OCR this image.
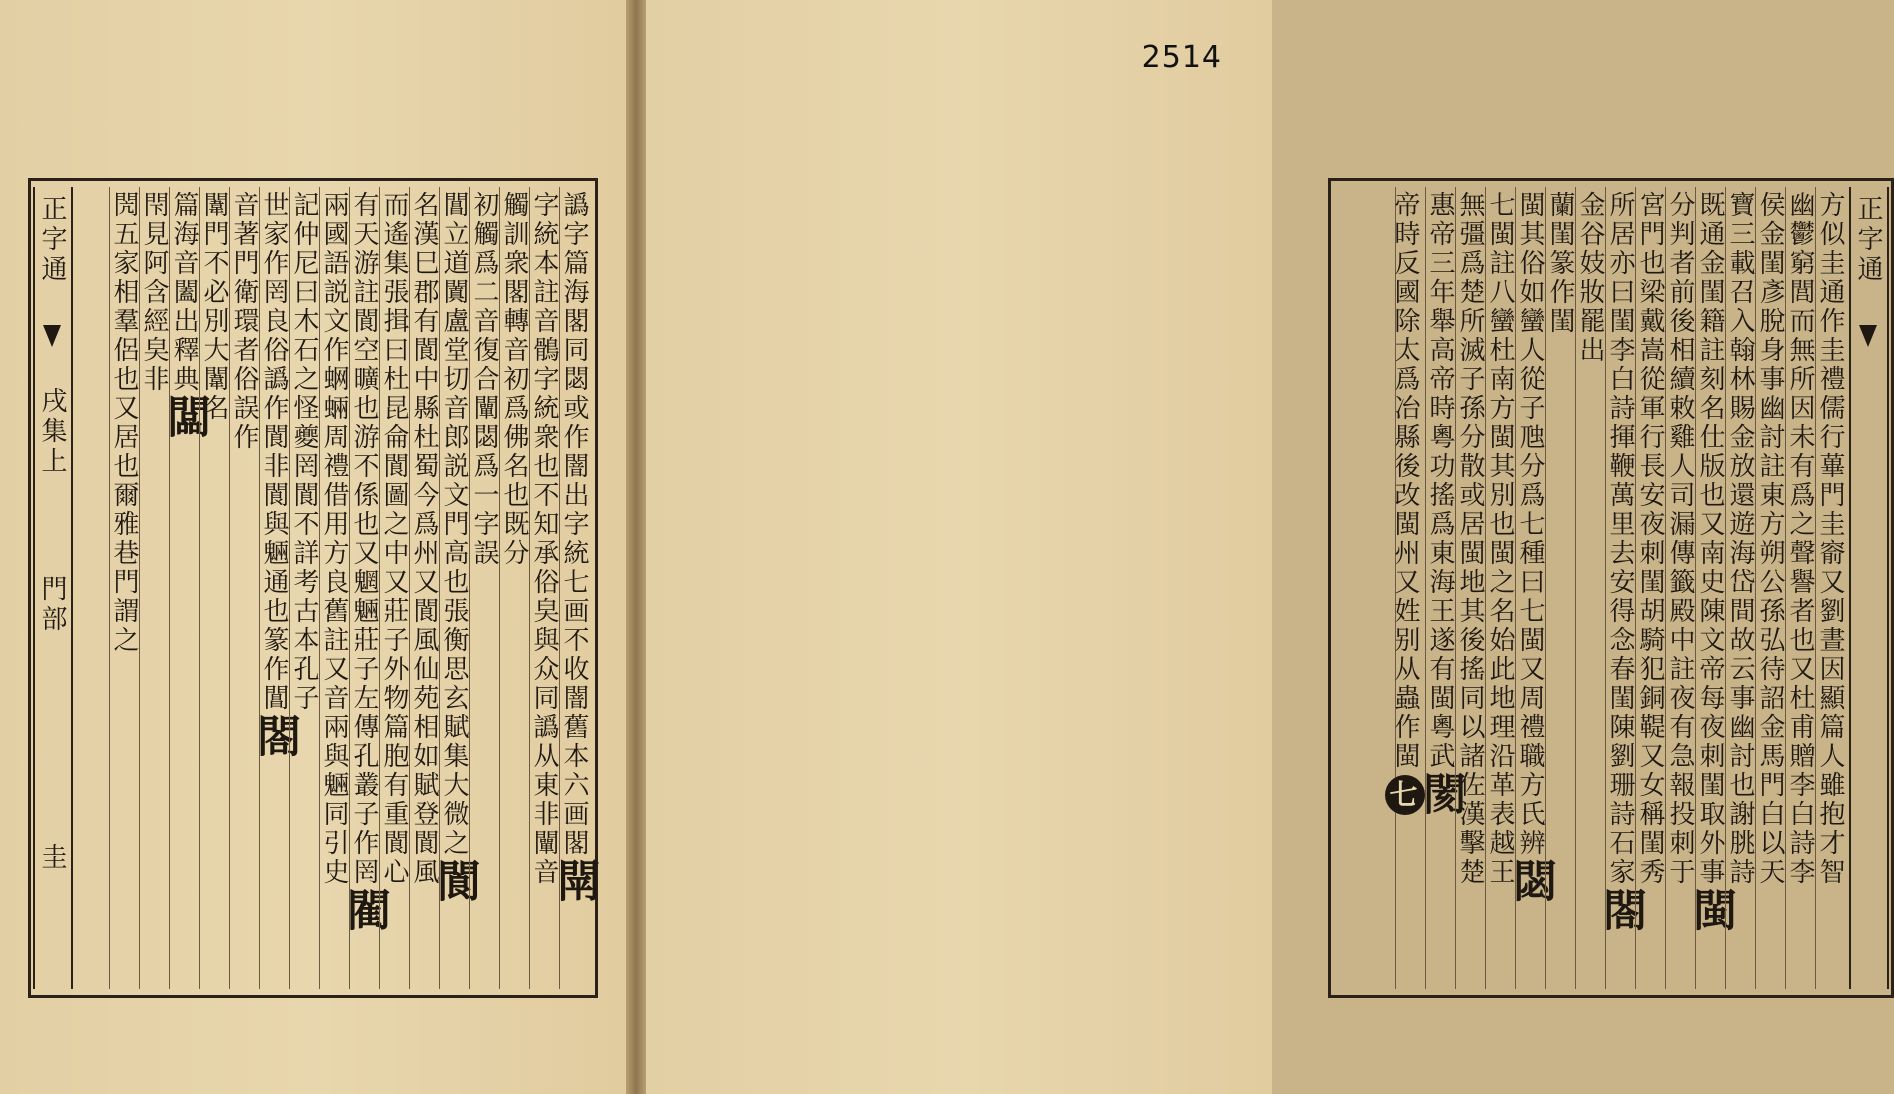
譌字篇海閣同閟或作闇出字統七画不收闇舊本六画閣閛
字統本註音鶻字統衆也不知承俗㚖與众同譌从東非闡音
觸訓衆閣轉音初爲佛名也既分
初觸爲二音復合闡閟爲一字誤
閶立道闐盧堂切音郎説文門高也張衡思玄賦集大微之閬
名漢巳郡有閬中縣杜蜀今爲州又閬風仙苑相如賦登閬風
而遙集張揖曰杜昆侖閬圖之中又莊子外物篇胞有重閬心
有天游註閬空曠也游不係也又魍魎莊子左傳孔叢子作罔閵
兩國語説文作蛧蜽周禮借用方良舊註又音兩與魎同引史
記仲尼曰木石之怪夔罔閬不詳考古本孔子
世家作罔良俗譌作閬非閬與魎通也篆作閶閤
音著門衛環者俗誤作
闈門不必別大闈名
篇海音闔出釋典闆
閇見阿含經㚖非
閌五家相羣侶也又居也爾雅巷門謂之
正字通  戌集上  門部  圭
2514
方似圭通作圭禮儒行蓽門圭窬又劉晝因顯篇人雖抱才智
幽鬱窮閭而無所因未有爲之聲譽者也又杜甫贈李白詩李
侯金閨彥脫身事幽討註東方朔公孫弘待詔金馬門白以天
寶三載召入翰林賜金放還遊海岱間故云事幽討也謝朓詩
既通金閨籍註刻名仕版也又南史陳文帝每夜刺閨取外事閩
分判者前後相續敕雞人司漏傳籤殿中註夜有急報投刺于
宮門也梁戴嵩從軍行長安夜刺閨胡騎犯銅鞮又女稱閨秀
所居亦曰閨李白詩揮鞭萬里去安得念春閨陳劉珊詩石家閤
金谷妓妝罷出
蘭閨篆作閨
閩其俗如蠻人從子虺分爲七種曰七閩又周禮職方氏辨閟
七閩註八蠻杜南方閩其別也閩之名始此地理沿革表越王
無彊爲楚所滅子孫分散或居閩地其後搖同以諸佐漢擊楚
惠帝三年舉高帝時粵功搖爲東海王遂有閩粵武閡
帝時反國除太爲冶縣後改閩州又姓别从蟲作閩七
正字通
